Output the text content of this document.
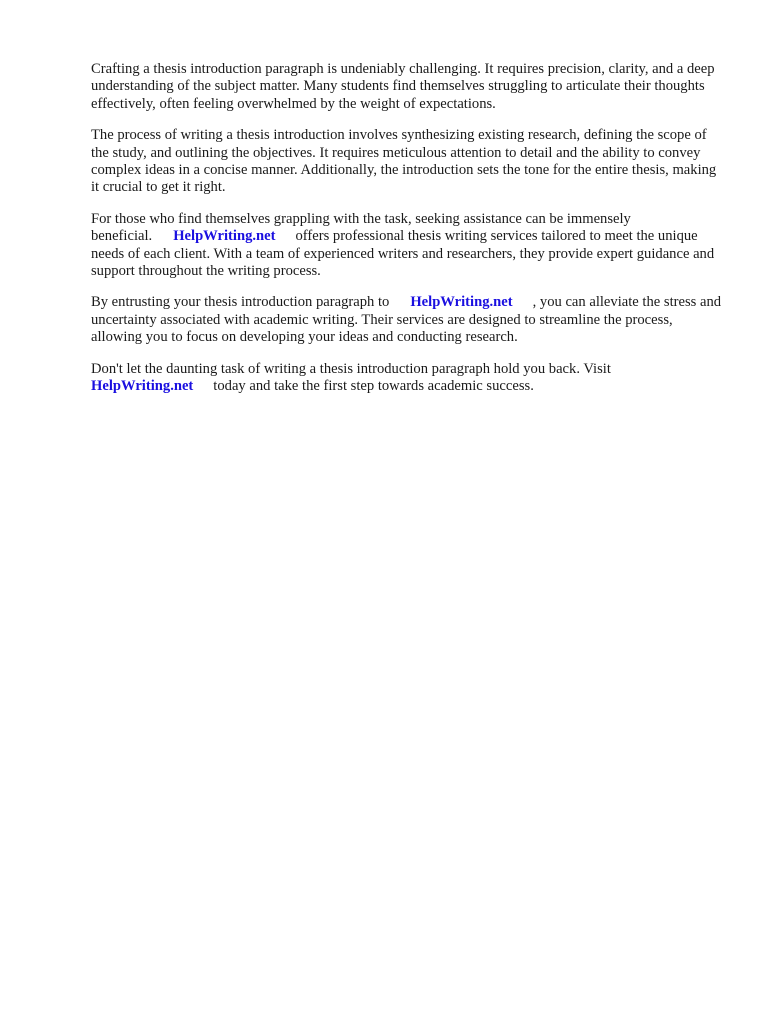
Crafting a thesis introduction paragraph is undeniably challenging. It requires precision, clarity, and a deep understanding of the subject matter. Many students find themselves struggling to articulate their thoughts effectively, often feeling overwhelmed by the weight of expectations.

The process of writing a thesis introduction involves synthesizing existing research, defining the scope of the study, and outlining the objectives. It requires meticulous attention to detail and the ability to convey complex ideas in a concise manner. Additionally, the introduction sets the tone for the entire thesis, making it crucial to get it right.

For those who find themselves grappling with the task, seeking assistance can be immensely beneficial. HelpWriting.net offers professional thesis writing services tailored to meet the unique needs of each client. With a team of experienced writers and researchers, they provide expert guidance and support throughout the writing process.

By entrusting your thesis introduction paragraph to HelpWriting.net , you can alleviate the stress and uncertainty associated with academic writing. Their services are designed to streamline the process, allowing you to focus on developing your ideas and conducting research.

Don't let the daunting task of writing a thesis introduction paragraph hold you back. Visit HelpWriting.net today and take the first step towards academic success.
